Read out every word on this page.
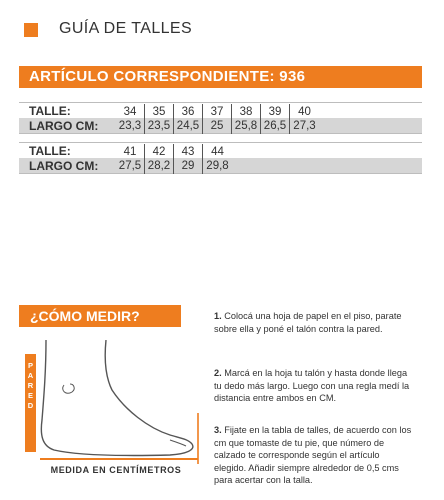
GUÍA DE TALLES
ARTÍCULO CORRESPONDIENTE: 936
TALLE:	34	35	36	37	38	39	40
LARGO CM: 23,3 23,5 24,5 25 25,8 26,5 27,3
TALLE:	41	42	43	44
LARGO CM: 27,5 28,2 29	29,8
¿CÓMO MEDIR?
P
A
R
E
D
MEDIDA EN CENTÍMETROS
1. Colocá una hoja de papel en el piso, parate sobre ella y poné el talón contra la pared.
2. Marcá en la hoja tu talón y hasta donde llega tu dedo más largo. Luego con una regla medí la distancia entre ambos en CM.
3. Fijate en la tabla de talles, de acuerdo con los cm que tomaste de tu pie, que número de calzado te corresponde según el artículo elegido. Añadir siempre alrededor de 0,5 cms para acertar con la talla.
